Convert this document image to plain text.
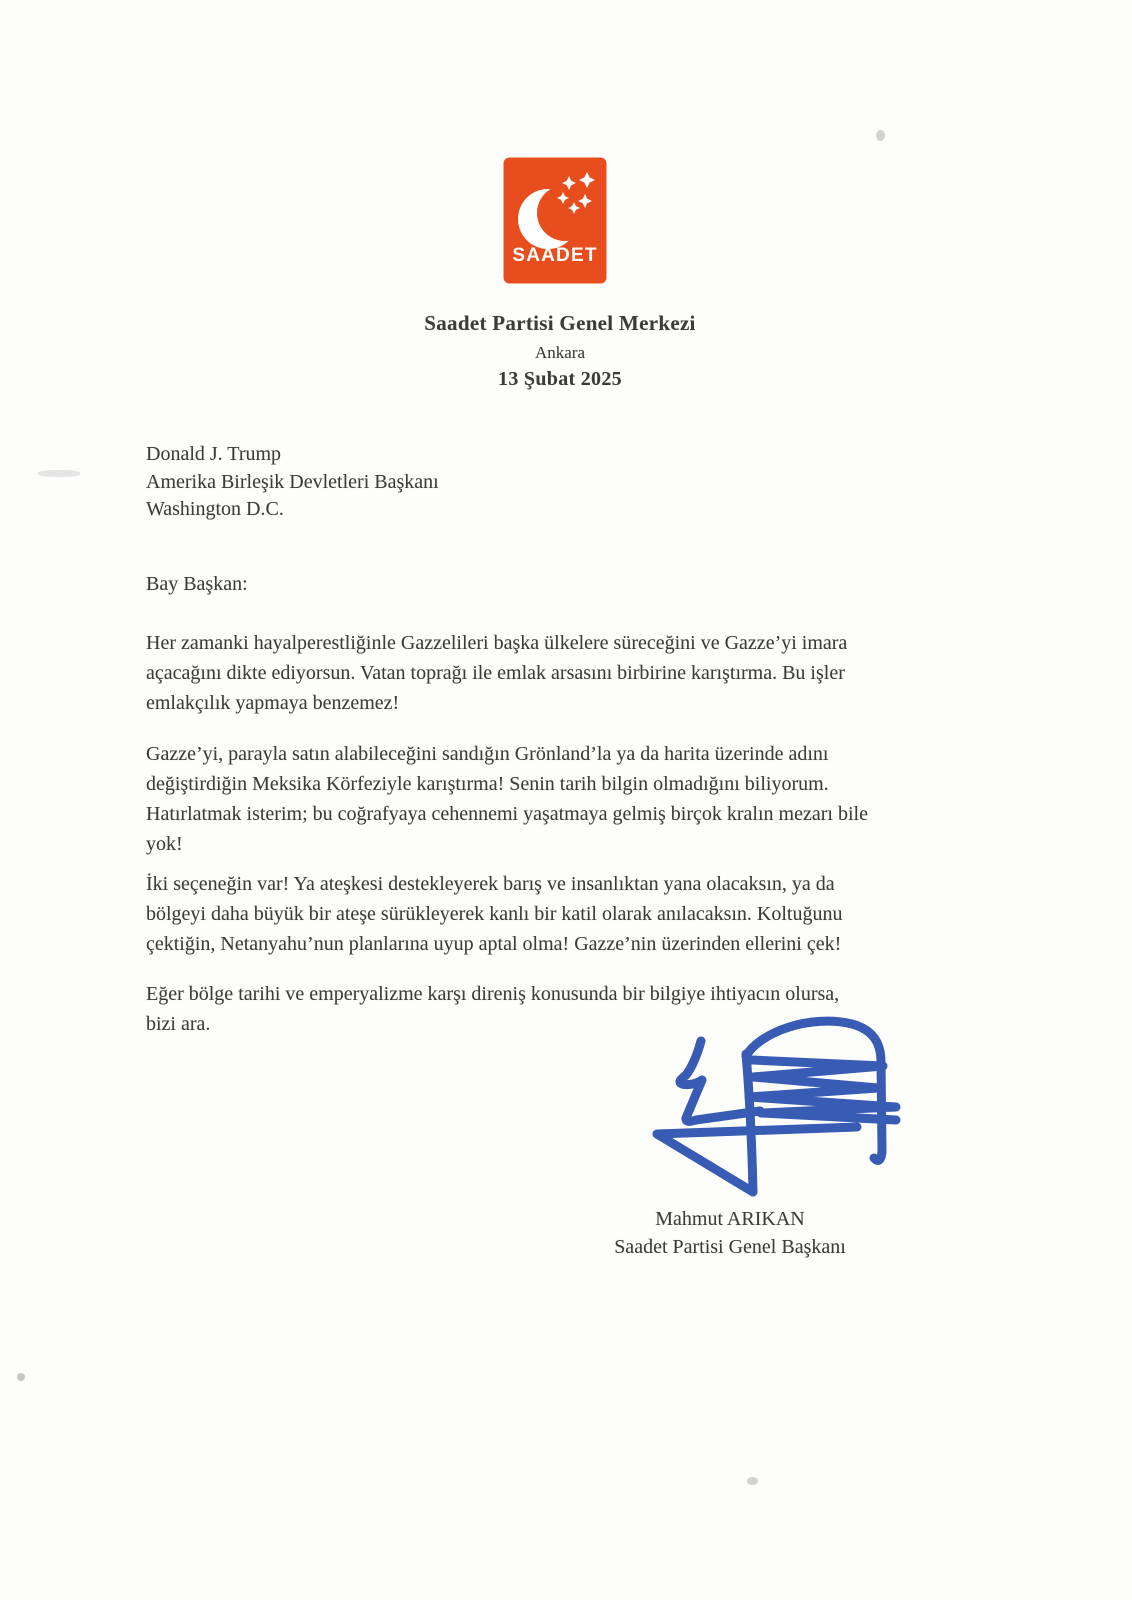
SAADET
Saadet Partisi Genel Merkezi
Ankara
13 Şubat 2025
Donald J. Trump
Amerika Birleşik Devletleri Başkanı
Washington D.C.
Bay Başkan:
Her zamanki hayalperestliğinle Gazzelileri başka ülkelere süreceğini ve Gazze’yi imara
açacağını dikte ediyorsun. Vatan toprağı ile emlak arsasını birbirine karıştırma. Bu işler
emlakçılık yapmaya benzemez!
Gazze’yi, parayla satın alabileceğini sandığın Grönland’la ya da harita üzerinde adını
değiştirdiğin Meksika Körfeziyle karıştırma! Senin tarih bilgin olmadığını biliyorum.
Hatırlatmak isterim; bu coğrafyaya cehennemi yaşatmaya gelmiş birçok kralın mezarı bile
yok!
İki seçeneğin var! Ya ateşkesi destekleyerek barış ve insanlıktan yana olacaksın, ya da
bölgeyi daha büyük bir ateşe sürükleyerek kanlı bir katil olarak anılacaksın. Koltuğunu
çektiğin, Netanyahu’nun planlarına uyup aptal olma! Gazze’nin üzerinden ellerini çek!
Eğer bölge tarihi ve emperyalizme karşı direniş konusunda bir bilgiye ihtiyacın olursa,
bizi ara.
Mahmut ARIKAN
Saadet Partisi Genel Başkanı
